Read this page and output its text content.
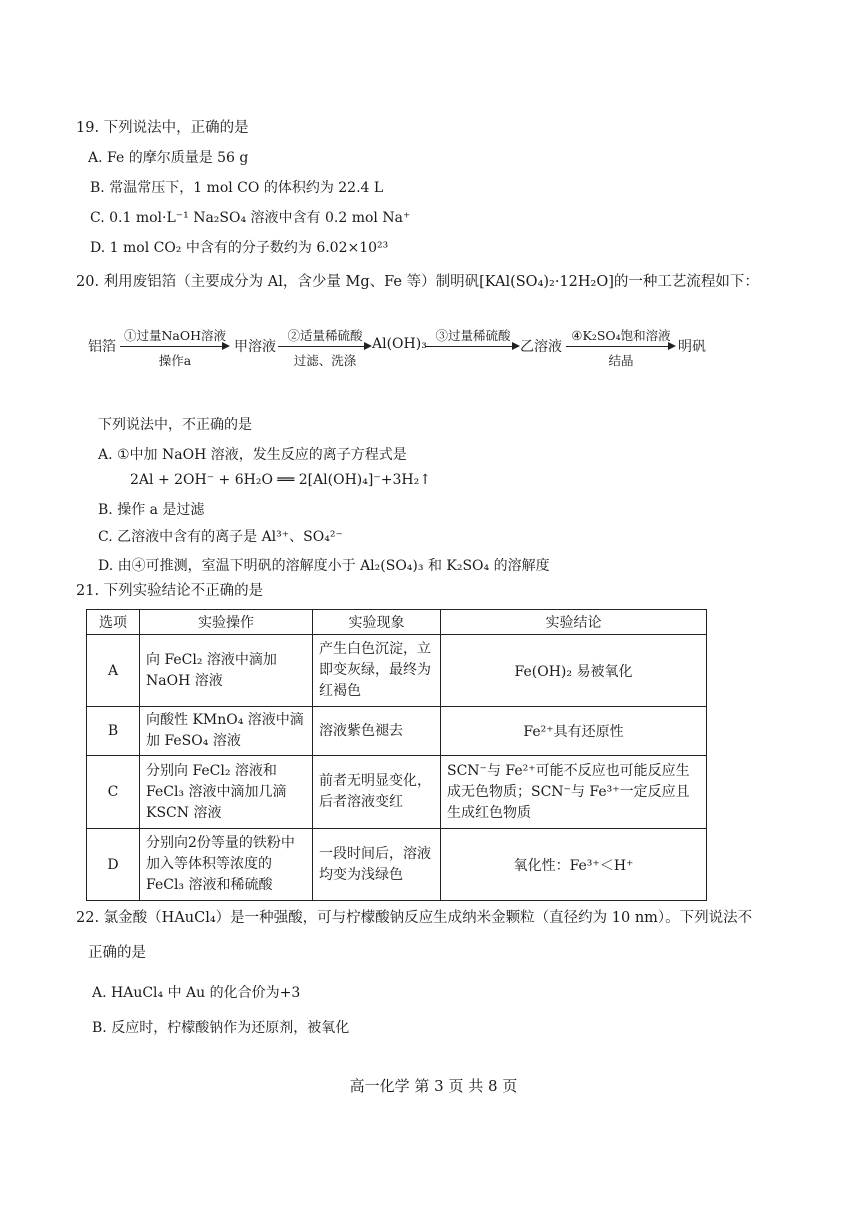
19. 下列说法中，正确的是
A. Fe 的摩尔质量是 56 g
B. 常温常压下，1 mol CO 的体积约为 22.4 L
C. 0.1 mol·L⁻¹ Na₂SO₄ 溶液中含有 0.2 mol Na⁺
D. 1 mol CO₂ 中含有的分子数约为 6.02×10²³
20. 利用废铝箔（主要成分为 Al，含少量 Mg、Fe 等）制明矾[KAl(SO₄)₂·12H₂O]的一种工艺流程如下：
铝箔
①过量NaOH溶液
操作a
甲溶液
②适量稀硫酸
过滤、洗涤
Al(OH)₃
③过量稀硫酸
乙溶液
④K₂SO₄饱和溶液
结晶
明矾
下列说法中，不正确的是
A. ①中加 NaOH 溶液，发生反应的离子方程式是
2Al + 2OH⁻ + 6H₂O ══ 2[Al(OH)₄]⁻+3H₂↑
B. 操作 a 是过滤
C. 乙溶液中含有的离子是 Al³⁺、SO₄²⁻
D. 由④可推测，室温下明矾的溶解度小于 Al₂(SO₄)₃ 和 K₂SO₄ 的溶解度
21. 下列实验结论不正确的是
选项	实验操作	实验现象	实验结论
A	向 FeCl₂ 溶液中滴加 NaOH 溶液	产生白色沉淀，立即变灰绿，最终为红褐色	Fe(OH)₂ 易被氧化
B	向酸性 KMnO₄ 溶液中滴加 FeSO₄ 溶液	溶液紫色褪去	Fe²⁺具有还原性
C	分别向 FeCl₂ 溶液和 FeCl₃ 溶液中滴加几滴 KSCN 溶液	前者无明显变化，后者溶液变红	SCN⁻与 Fe²⁺可能不反应也可能反应生成无色物质；SCN⁻与 Fe³⁺一定反应且生成红色物质
D	分别向2份等量的铁粉中加入等体积等浓度的 FeCl₃ 溶液和稀硫酸	一段时间后，溶液均变为浅绿色	氧化性：Fe³⁺＜H⁺
22. 氯金酸（HAuCl₄）是一种强酸，可与柠檬酸钠反应生成纳米金颗粒（直径约为 10 nm）。下列说法不
正确的是
A. HAuCl₄ 中 Au 的化合价为+3
B. 反应时，柠檬酸钠作为还原剂，被氧化
高一化学 第 3 页 共 8 页
